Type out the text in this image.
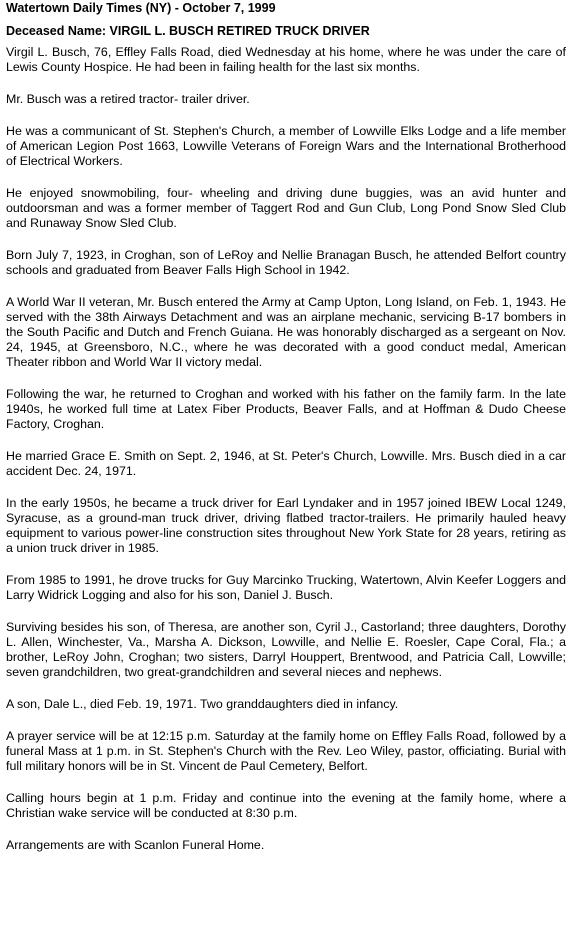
Watertown Daily Times (NY) - October 7, 1999
Deceased Name: VIRGIL L. BUSCH RETIRED TRUCK DRIVER

Virgil L. Busch, 76, Effley Falls Road, died Wednesday at his home, where he was under the care of Lewis County Hospice. He had been in failing health for the last six months.

Mr. Busch was a retired tractor- trailer driver.

He was a communicant of St. Stephen's Church, a member of Lowville Elks Lodge and a life member of American Legion Post 1663, Lowville Veterans of Foreign Wars and the International Brotherhood of Electrical Workers.

He enjoyed snowmobiling, four- wheeling and driving dune buggies, was an avid hunter and outdoorsman and was a former member of Taggert Rod and Gun Club, Long Pond Snow Sled Club and Runaway Snow Sled Club.

Born July 7, 1923, in Croghan, son of LeRoy and Nellie Branagan Busch, he attended Belfort country schools and graduated from Beaver Falls High School in 1942.

A World War II veteran, Mr. Busch entered the Army at Camp Upton, Long Island, on Feb. 1, 1943. He served with the 38th Airways Detachment and was an airplane mechanic, servicing B-17 bombers in the South Pacific and Dutch and French Guiana. He was honorably discharged as a sergeant on Nov. 24, 1945, at Greensboro, N.C., where he was decorated with a good conduct medal, American Theater ribbon and World War II victory medal.

Following the war, he returned to Croghan and worked with his father on the family farm. In the late 1940s, he worked full time at Latex Fiber Products, Beaver Falls, and at Hoffman & Dudo Cheese Factory, Croghan.

He married Grace E. Smith on Sept. 2, 1946, at St. Peter's Church, Lowville. Mrs. Busch died in a car accident Dec. 24, 1971.

In the early 1950s, he became a truck driver for Earl Lyndaker and in 1957 joined IBEW Local 1249, Syracuse, as a ground-man truck driver, driving flatbed tractor-trailers. He primarily hauled heavy equipment to various power-line construction sites throughout New York State for 28 years, retiring as a union truck driver in 1985.

From 1985 to 1991, he drove trucks for Guy Marcinko Trucking, Watertown, Alvin Keefer Loggers and Larry Widrick Logging and also for his son, Daniel J. Busch.

Surviving besides his son, of Theresa, are another son, Cyril J., Castorland; three daughters, Dorothy L. Allen, Winchester, Va., Marsha A. Dickson, Lowville, and Nellie E. Roesler, Cape Coral, Fla.; a brother, LeRoy John, Croghan; two sisters, Darryl Houppert, Brentwood, and Patricia Call, Lowville; seven grandchildren, two great-grandchildren and several nieces and nephews.

A son, Dale L., died Feb. 19, 1971. Two granddaughters died in infancy.

A prayer service will be at 12:15 p.m. Saturday at the family home on Effley Falls Road, followed by a funeral Mass at 1 p.m. in St. Stephen's Church with the Rev. Leo Wiley, pastor, officiating. Burial with full military honors will be in St. Vincent de Paul Cemetery, Belfort.

Calling hours begin at 1 p.m. Friday and continue into the evening at the family home, where a Christian wake service will be conducted at 8:30 p.m.

Arrangements are with Scanlon Funeral Home.
